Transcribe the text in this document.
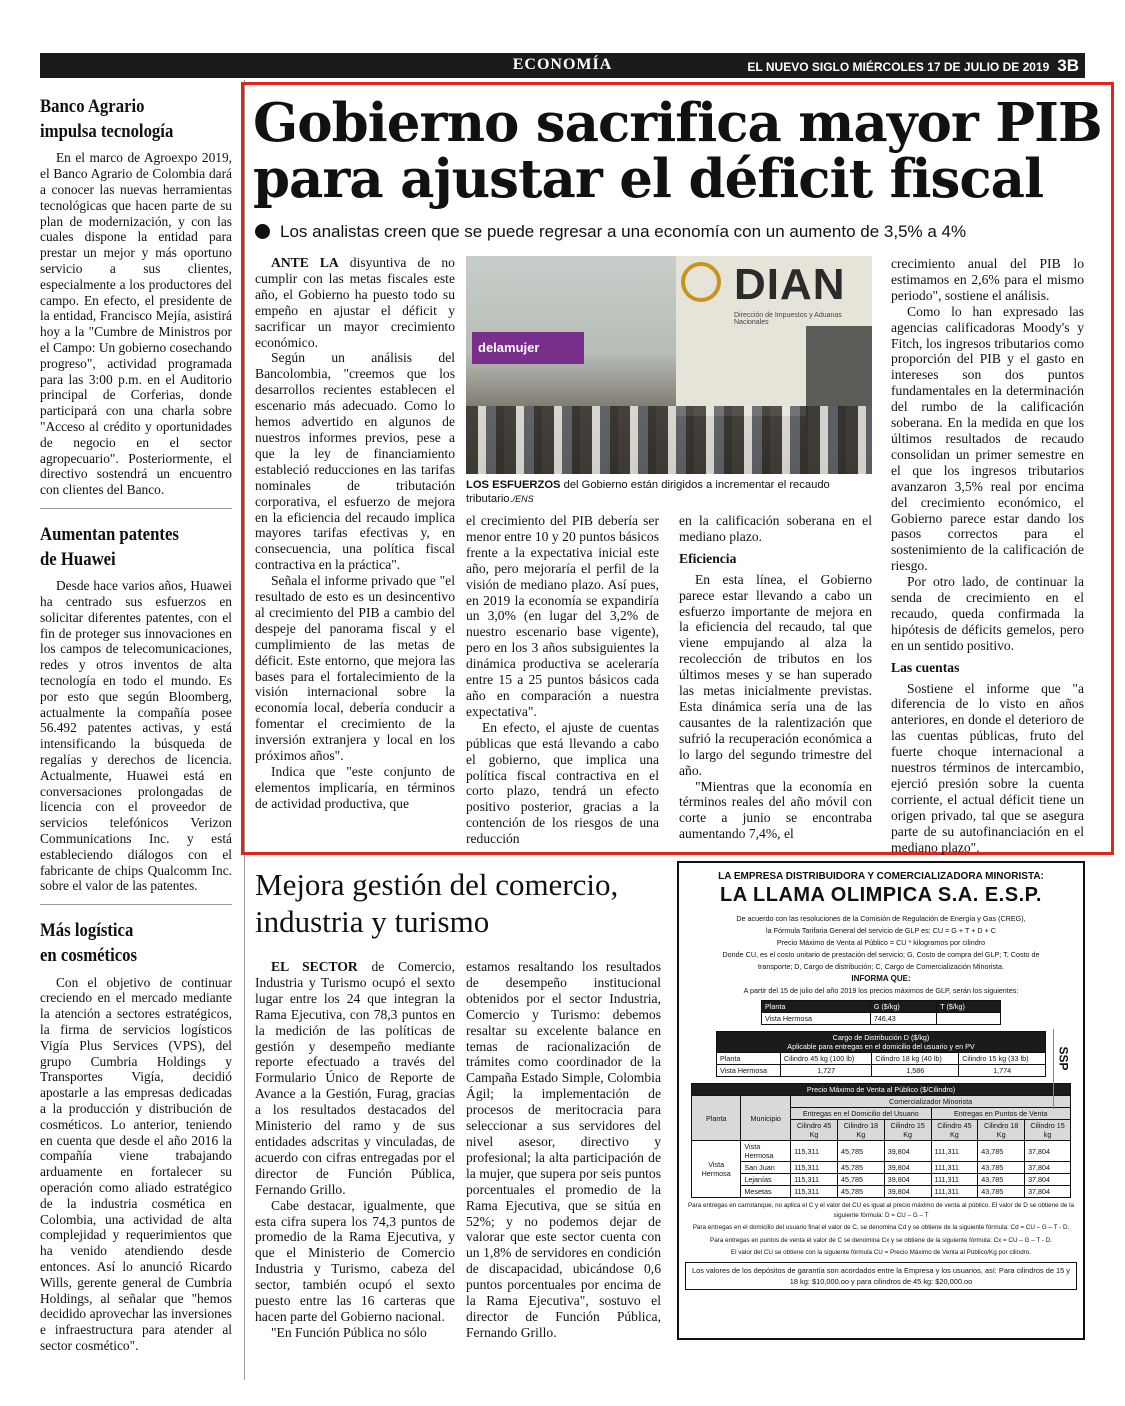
ECONOMÍA	EL NUEVO SIGLO MIÉRCOLES 17 DE JULIO DE 2019 3B
Banco Agrario
impulsa tecnología

En el marco de Agroexpo 2019, el Banco Agrario de Colombia dará a conocer las nuevas herramientas tecnológicas que hacen parte de su plan de modernización, y con las cuales dispone la entidad para prestar un mejor y más oportuno servicio a sus clientes, especialmente a los productores del campo. En efecto, el presidente de la entidad, Francisco Mejía, asistirá hoy a la "Cumbre de Ministros por el Campo: Un gobierno cosechando progreso", actividad programada para las 3:00 p.m. en el Auditorio principal de Corferias, donde participará con una charla sobre "Acceso al crédito y oportunidades de negocio en el sector agropecuario". Posteriormente, el directivo sostendrá un encuentro con clientes del Banco.

Aumentan patentes
de Huawei

Desde hace varios años, Huawei ha centrado sus esfuerzos en solicitar diferentes patentes, con el fin de proteger sus innovaciones en los campos de telecomunicaciones, redes y otros inventos de alta tecnología en todo el mundo. Es por esto que según Bloomberg, actualmente la compañía posee 56.492 patentes activas, y está intensificando la búsqueda de regalías y derechos de licencia. Actualmente, Huawei está en conversaciones prolongadas de licencia con el proveedor de servicios telefónicos Verizon Communications Inc. y está estableciendo diálogos con el fabricante de chips Qualcomm Inc. sobre el valor de las patentes.

Más logística
en cosméticos

Con el objetivo de continuar creciendo en el mercado mediante la atención a sectores estratégicos, la firma de servicios logísticos Vigía Plus Services (VPS), del grupo Cumbria Holdings y Transportes Vigía, decidió apostarle a las empresas dedicadas a la producción y distribución de cosméticos. Lo anterior, teniendo en cuenta que desde el año 2016 la compañía viene trabajando arduamente en fortalecer su operación como aliado estratégico de la industria cosmética en Colombia, una actividad de alta complejidad y requerimientos que ha venido atendiendo desde entonces. Así lo anunció Ricardo Wills, gerente general de Cumbria Holdings, al señalar que "hemos decidido aprovechar las inversiones e infraestructura para atender al sector cosmético".

Gobierno sacrifica mayor PIB
para ajustar el déficit fiscal
Los analistas creen que se puede regresar a una economía con un aumento de 3,5% a 4%

ANTE LA disyuntiva de no cumplir con las metas fiscales este año, el Gobierno ha puesto todo su empeño en ajustar el déficit y sacrificar un mayor crecimiento económico.

Según un análisis del Bancolombia, "creemos que los desarrollos recientes establecen el escenario más adecuado. Como lo hemos advertido en algunos de nuestros informes previos, pese a que la ley de financiamiento estableció reducciones en las tarifas nominales de tributación corporativa, el esfuerzo de mejora en la eficiencia del recaudo implica mayores tarifas efectivas y, en consecuencia, una política fiscal contractiva en la práctica".

Señala el informe privado que "el resultado de esto es un desincentivo al crecimiento del PIB a cambio del despeje del panorama fiscal y el cumplimiento de las metas de déficit. Este entorno, que mejora las bases para el fortalecimiento de la visión internacional sobre la economía local, debería conducir a fomentar el crecimiento de la inversión extranjera y local en los próximos años".

Indica que "este conjunto de elementos implicaría, en términos de actividad productiva, que

DIAN
Dirección de Impuestos y Aduanas Nacionales
delamujer
LOS ESFUERZOS del Gobierno están dirigidos a incrementar el recaudo tributario./ENS

el crecimiento del PIB debería ser menor entre 10 y 20 puntos básicos frente a la expectativa inicial este año, pero mejoraría el perfil de la visión de mediano plazo. Así pues, en 2019 la economía se expandiría un 3,0% (en lugar del 3,2% de nuestro escenario base vigente), pero en los 3 años subsiguientes la dinámica productiva se aceleraría entre 15 a 25 puntos básicos cada año en comparación a nuestra expectativa".

En efecto, el ajuste de cuentas públicas que está llevando a cabo el gobierno, que implica una política fiscal contractiva en el corto plazo, tendrá un efecto positivo posterior, gracias a la contención de los riesgos de una reducción

en la calificación soberana en el mediano plazo.

Eficiencia

En esta línea, el Gobierno parece estar llevando a cabo un esfuerzo importante de mejora en la eficiencia del recaudo, tal que viene empujando al alza la recolección de tributos en los últimos meses y se han superado las metas inicialmente previstas. Esta dinámica sería una de las causantes de la ralentización que sufrió la recuperación económica a lo largo del segundo trimestre del año.

"Mientras que la economía en términos reales del año móvil con corte a junio se encontraba aumentando 7,4%, el

crecimiento anual del PIB lo estimamos en 2,6% para el mismo periodo", sostiene el análisis.

Como lo han expresado las agencias calificadoras Moody's y Fitch, los ingresos tributarios como proporción del PIB y el gasto en intereses son dos puntos fundamentales en la determinación del rumbo de la calificación soberana. En la medida en que los últimos resultados de recaudo consolidan un primer semestre en el que los ingresos tributarios avanzaron 3,5% real por encima del crecimiento económico, el Gobierno parece estar dando los pasos correctos para el sostenimiento de la calificación de riesgo.

Por otro lado, de continuar la senda de crecimiento en el recaudo, queda confirmada la hipótesis de déficits gemelos, pero en un sentido positivo.

Las cuentas

Sostiene el informe que "a diferencia de lo visto en años anteriores, en donde el deterioro de las cuentas públicas, fruto del fuerte choque internacional a nuestros términos de intercambio, ejerció presión sobre la cuenta corriente, el actual déficit tiene un origen privado, tal que se asegura parte de su autofinanciación en el mediano plazo".

Mejora gestión del comercio,
industria y turismo

EL SECTOR de Comercio, Industria y Turismo ocupó el sexto lugar entre los 24 que integran la Rama Ejecutiva, con 78,3 puntos en la medición de las políticas de gestión y desempeño mediante reporte efectuado a través del Formulario Único de Reporte de Avance a la Gestión, Furag, gracias a los resultados destacados del Ministerio del ramo y de sus entidades adscritas y vinculadas, de acuerdo con cifras entregadas por el director de Función Pública, Fernando Grillo.

Cabe destacar, igualmente, que esta cifra supera los 74,3 puntos de promedio de la Rama Ejecutiva, y que el Ministerio de Comercio Industria y Turismo, cabeza del sector, también ocupó el sexto puesto entre las 16 carteras que hacen parte del Gobierno nacional.

"En Función Pública no sólo

estamos resaltando los resultados de desempeño institucional obtenidos por el sector Industria, Comercio y Turismo: debemos resaltar su excelente balance en temas de racionalización de trámites como coordinador de la Campaña Estado Simple, Colombia Ágil; la implementación de procesos de meritocracia para seleccionar a sus servidores del nivel asesor, directivo y profesional; la alta participación de la mujer, que supera por seis puntos porcentuales el promedio de la Rama Ejecutiva, que se sitúa en 52%; y no podemos dejar de valorar que este sector cuenta con un 1,8% de servidores en condición de discapacidad, ubicándose 0,6 puntos porcentuales por encima de la Rama Ejecutiva", sostuvo el director de Función Pública, Fernando Grillo.

LA EMPRESA DISTRIBUIDORA Y COMERCIALIZADORA MINORISTA:
LA LLAMA OLIMPICA S.A. E.S.P.
De acuerdo con las resoluciones de la Comisión de Regulación de Energía y Gas (CREG),
la Fórmula Tarifaria General del servicio de GLP es: CU = G + T + D + C
Precio Máximo de Venta al Público = CU * kilogramos por cilindro
Donde CU, es el costo unitario de prestación del servicio; G, Costo de compra del GLP; T, Costo de transporte; D, Cargo de distribución; C, Cargo de Comercialización Minorista.
INFORMA QUE:
A partir del 15 de julio del año 2019 los precios máximos de GLP, serán los siguientes:
Planta	G ($/kg)	T ($/kg)
Vista Hermosa	746,43	
Cargo de Distribución D ($/kg)
Aplicable para entregas en el domicilio del usuario y en PV			
Planta	Cilindro 45 kg (100 lb)	Cilindro 18 kg (40 lb)	Cilindro 15 kg (33 lb)
Vista Hermosa	1,727	1,586	1,774
Precio Máximo de Venta al Público ($/Cilindro)							
Planta	Municipio	Comercializador Minorista					
		Entregas en el Domicilio del Usuario			Entregas en Puntos de Venta		
		Cilindro 45 Kg	Cilindro 18 Kg	Cilindro 15 Kg	Cilindro 45 Kg	Cilindro 18 Kg	Cilindro 15 kg
Vista Hermosa	Vista Hermosa	115,311	45,785	39,804	111,311	43,785	37,804
	San Juan	115,311	45,785	39,804	111,311	43,785	37,804
	Lejanías	115,311	45,785	39,804	111,311	43,785	37,804
	Mesetas	115,311	45,785	39,804	111,311	43,785	37,804
Para entregas en carrotanque, no aplica el C y el valor del CU es igual al precio máximo de venta al público. El valor de D se obtiene de la siguiente fórmula: D = CU – G – T
Para entregas en el domicilio del usuario final el valor de C, se denomina Cd y se obtiene de la siguiente fórmula: Cd = CU – G – T - D.
Para entregas en puntos de venta el valor de C se denomina Cx y se obtiene de la siguiente fórmula: Cx = CU – G – T - D.
El valor del CU se obtiene con la siguiente fórmula CU = Precio Máximo de Venta al Público/Kg por cilindro.
Los valores de los depósitos de garantía son acordados entre la Empresa y los usuarios, así: Para cilindros de 15 y 18 kg: $10,000.oo y para cilindros de 45 kg: $20,000.oo
SSP
